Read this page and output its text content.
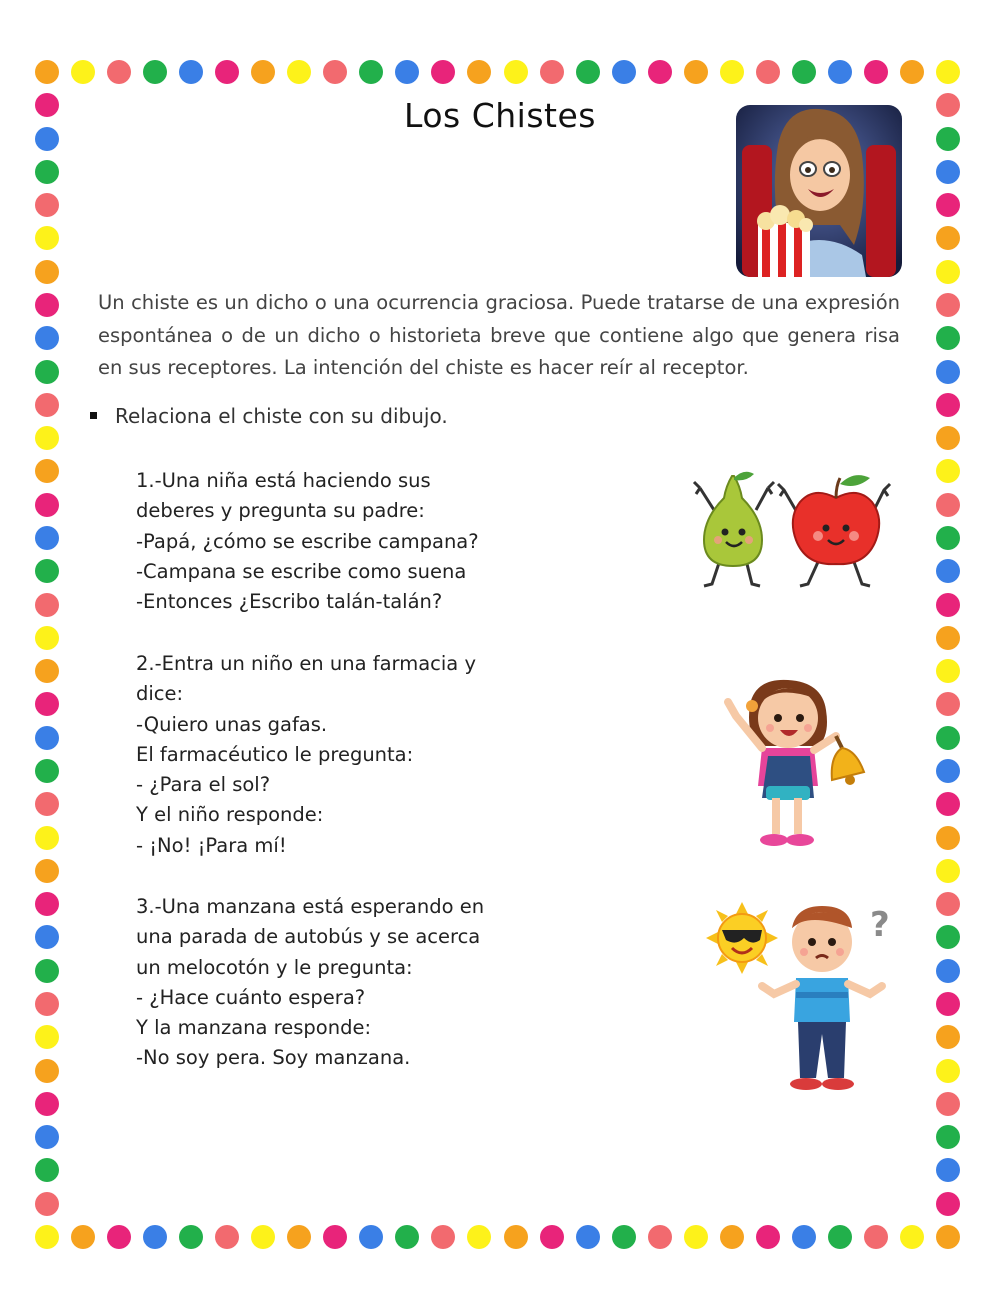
Los Chistes

Un chiste es un dicho o una ocurrencia graciosa. Puede tratarse de una expresión espontánea o de un dicho o historieta breve que contiene algo que genera risa en sus receptores. La intención del chiste es hacer reír al receptor.

Relaciona el chiste con su dibujo.

1.-Una niña está haciendo sus
deberes y pregunta su padre:
-Papá, ¿cómo se escribe campana?
-Campana se escribe como suena
-Entonces ¿Escribo talán-talán?
2.-Entra un niño en una farmacia y
dice:
-Quiero unas gafas.
El farmacéutico le pregunta:
- ¿Para el sol?
Y el niño responde:
- ¡No! ¡Para mí!
3.-Una manzana está esperando en
una parada de autobús y se acerca
un melocotón y le pregunta:
- ¿Hace cuánto espera?
Y la manzana responde:
-No soy pera. Soy manzana.
?
